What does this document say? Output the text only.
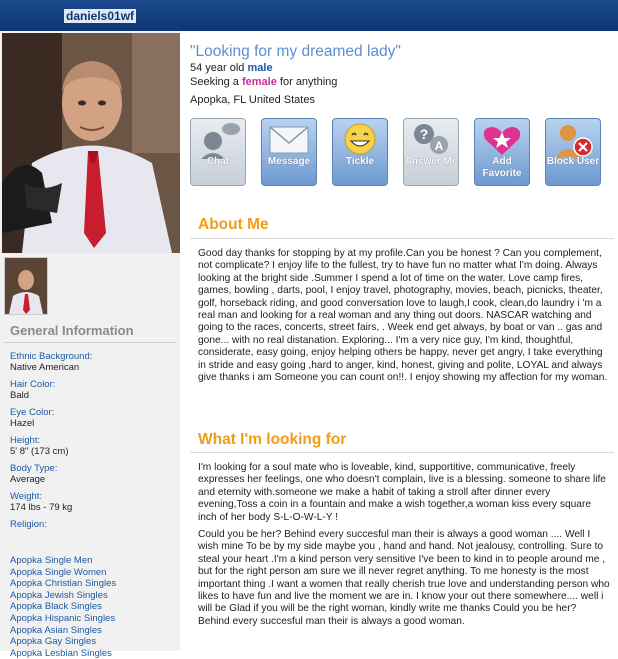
daniels01wf
General Information
Ethnic Background:
Native American
Hair Color:
Bald
Eye Color:
Hazel
Height:
5' 8" (173 cm)
Body Type:
Average
Weight:
174 lbs - 79 kg
Religion:
Apopka Single Men
Apopka Single Women
Apopka Christian Singles
Apopka Jewish Singles
Apopka Black Singles
Apopka Hispanic Singles
Apopka Asian Singles
Apopka Gay Singles
Apopka Lesbian Singles
"Looking for my dreamed lady"
54 year old male
Seeking a female for anything
Apopka, FL United States
Chat	Message	Tickle
?
A
Answer Me	Add Favorite
Block User
About Me
Good day thanks for stopping by at my profile.Can you be honest ? Can you complement, not complicate? I enjoy life to the fullest, try to have fun no matter what I'm doing. Always looking at the bright side .Summer I spend a lot of time on the water. Love camp fires, games, bowling , darts, pool, I enjoy travel, photography, movies, beach, picnicks, theater, golf, horseback riding, and good conversation love to laugh,I cook, clean,do laundry i 'm a real man and looking for a real woman and any thing out doors. NASCAR watching and going to the races, concerts, street fairs, . Week end get always, by boat or van .. gas and gone... with no real distanation. Exploring... I'm a very nice guy, I'm kind, thoughtful, considerate, easy going, enjoy helping others be happy, never get angry, I take everything in stride and easy going ,hard to anger, kind, honest, giving and polite, LOYAL and always give thanks i am Someone you can count on!!. I enjoy showing my affection for my woman.
What I'm looking for
I'm looking for a soul mate who is loveable, kind, supportitive, communicative, freely expresses her feelings, one who doesn't complain, live is a blessing. someone to share life and eternity with.someone we make a habit of taking a stroll after dinner every evening,Toss a coin in a fountain and make a wish together,a woman kiss every square inch of her body S-L-O-W-L-Y !
Could you be her? Behind every succesful man their is always a good woman .... Well I wish mine To be by my side maybe you , hand and hand. Not jealousy, controlling. Sure to steal your heart .I'm a kind person very sensitive I've been to kind in to people around me , but for the right person am sure we ill never regret anything. To me honesty is the most important thing .I want a women that really cherish true love and understanding person who likes to have fun and live the moment we are in. I know your out there somewhere.... well i will be Glad if you will be the right woman, kindly write me thanks Could you be her? Behind every succesful man their is always a good woman.
